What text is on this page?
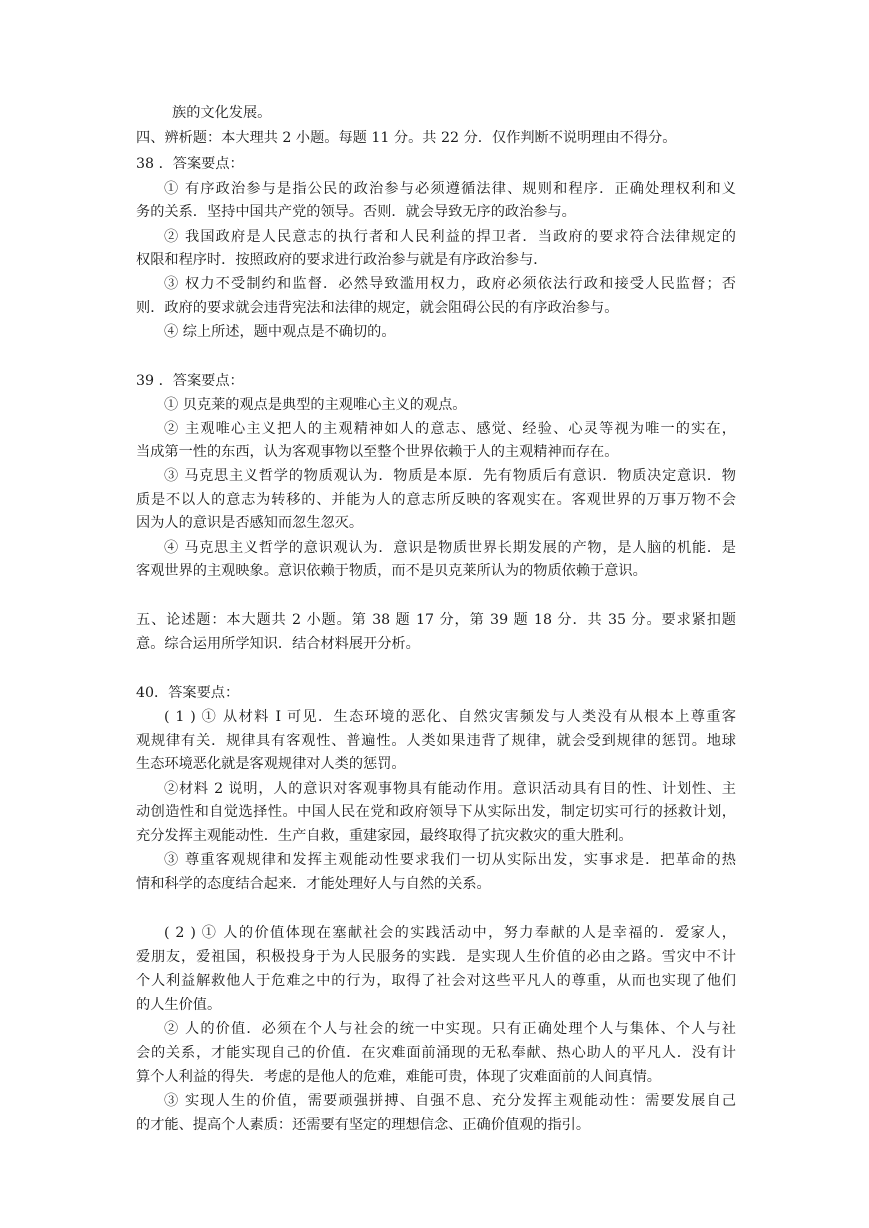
族的文化发展。
四、辨析题：本大理共 2 小题。每题 11 分。共 22 分．仅作判断不说明理由不得分。
38 ．答案要点：
① 有序政治参与是指公民的政治参与必须遵循法律、规则和程序．正确处理权利和义
务的关系．坚持中国共产党的领导。否则．就会导致无序的政治参与。
② 我国政府是人民意志的执行者和人民利益的捍卫者．当政府的要求符合法律规定的
权限和程序时．按照政府的要求进行政治参与就是有序政治参与．
③ 权力不受制约和监督．必然导致滥用权力，政府必须依法行政和接受人民监督；否
则．政府的要求就会违背宪法和法律的规定，就会阻碍公民的有序政治参与。
④ 综上所述，题中观点是不确切的。
39 ．答案要点：
① 贝克莱的观点是典型的主观唯心主义的观点。
② 主观唯心主义把人的主观精神如人的意志、感觉、经验、心灵等视为唯一的实在，
当成第一性的东西，认为客观事物以至整个世界依赖于人的主观精神而存在。
③ 马克思主义哲学的物质观认为．物质是本原．先有物质后有意识．物质决定意识．物
质是不以人的意志为转移的、并能为人的意志所反映的客观实在。客观世界的万事万物不会
因为人的意识是否感知而忽生忽灭。
④ 马克思主义哲学的意识观认为．意识是物质世界长期发展的产物，是人脑的机能．是
客观世界的主观映象。意识依赖于物质，而不是贝克莱所认为的物质依赖于意识。
五、论述题：本大题共 2 小题。第 38 题 17 分，第 39 题 18 分．共 35 分。要求紧扣题
意。综合运用所学知识．结合材料展开分析。
40．答案要点：
( 1 ) ① 从材料 I 可见．生态环境的恶化、自然灾害频发与人类没有从根本上尊重客
观规律有关．规律具有客观性、普遍性。人类如果违背了规律，就会受到规律的惩罚。地球
生态环境恶化就是客观规律对人类的惩罚。
②材料 2 说明，人的意识对客观事物具有能动作用。意识活动具有目的性、计划性、主
动创造性和自觉选择性。中国人民在党和政府领导下从实际出发，制定切实可行的拯救计划，
充分发挥主观能动性．生产自救，重建家园，最终取得了抗灾救灾的重大胜利。
③ 尊重客观规律和发挥主观能动性要求我们一切从实际出发，实事求是．把革命的热
情和科学的态度结合起来．才能处理好人与自然的关系。
( 2 ) ① 人的价值体现在塞献社会的实践活动中，努力奉献的人是幸福的．爱家人，
爱朋友，爱祖国，积极投身于为人民服务的实践．是实现人生价值的必由之路。雪灾中不计
个人利益解救他人于危难之中的行为，取得了社会对这些平凡人的尊重，从而也实现了他们
的人生价值。
② 人的价值．必须在个人与社会的统一中实现。只有正确处理个人与集体、个人与社
会的关系，才能实现自己的价值．在灾难面前涌现的无私奉献、热心助人的平凡人．没有计
算个人利益的得失．考虑的是他人的危难，难能可贵，体现了灾难面前的人间真情。
③ 实现人生的价值，需要顽强拼搏、自强不息、充分发挥主观能动性：需要发展自己
的才能、提高个人素质：还需要有坚定的理想信念、正确价值观的指引。
